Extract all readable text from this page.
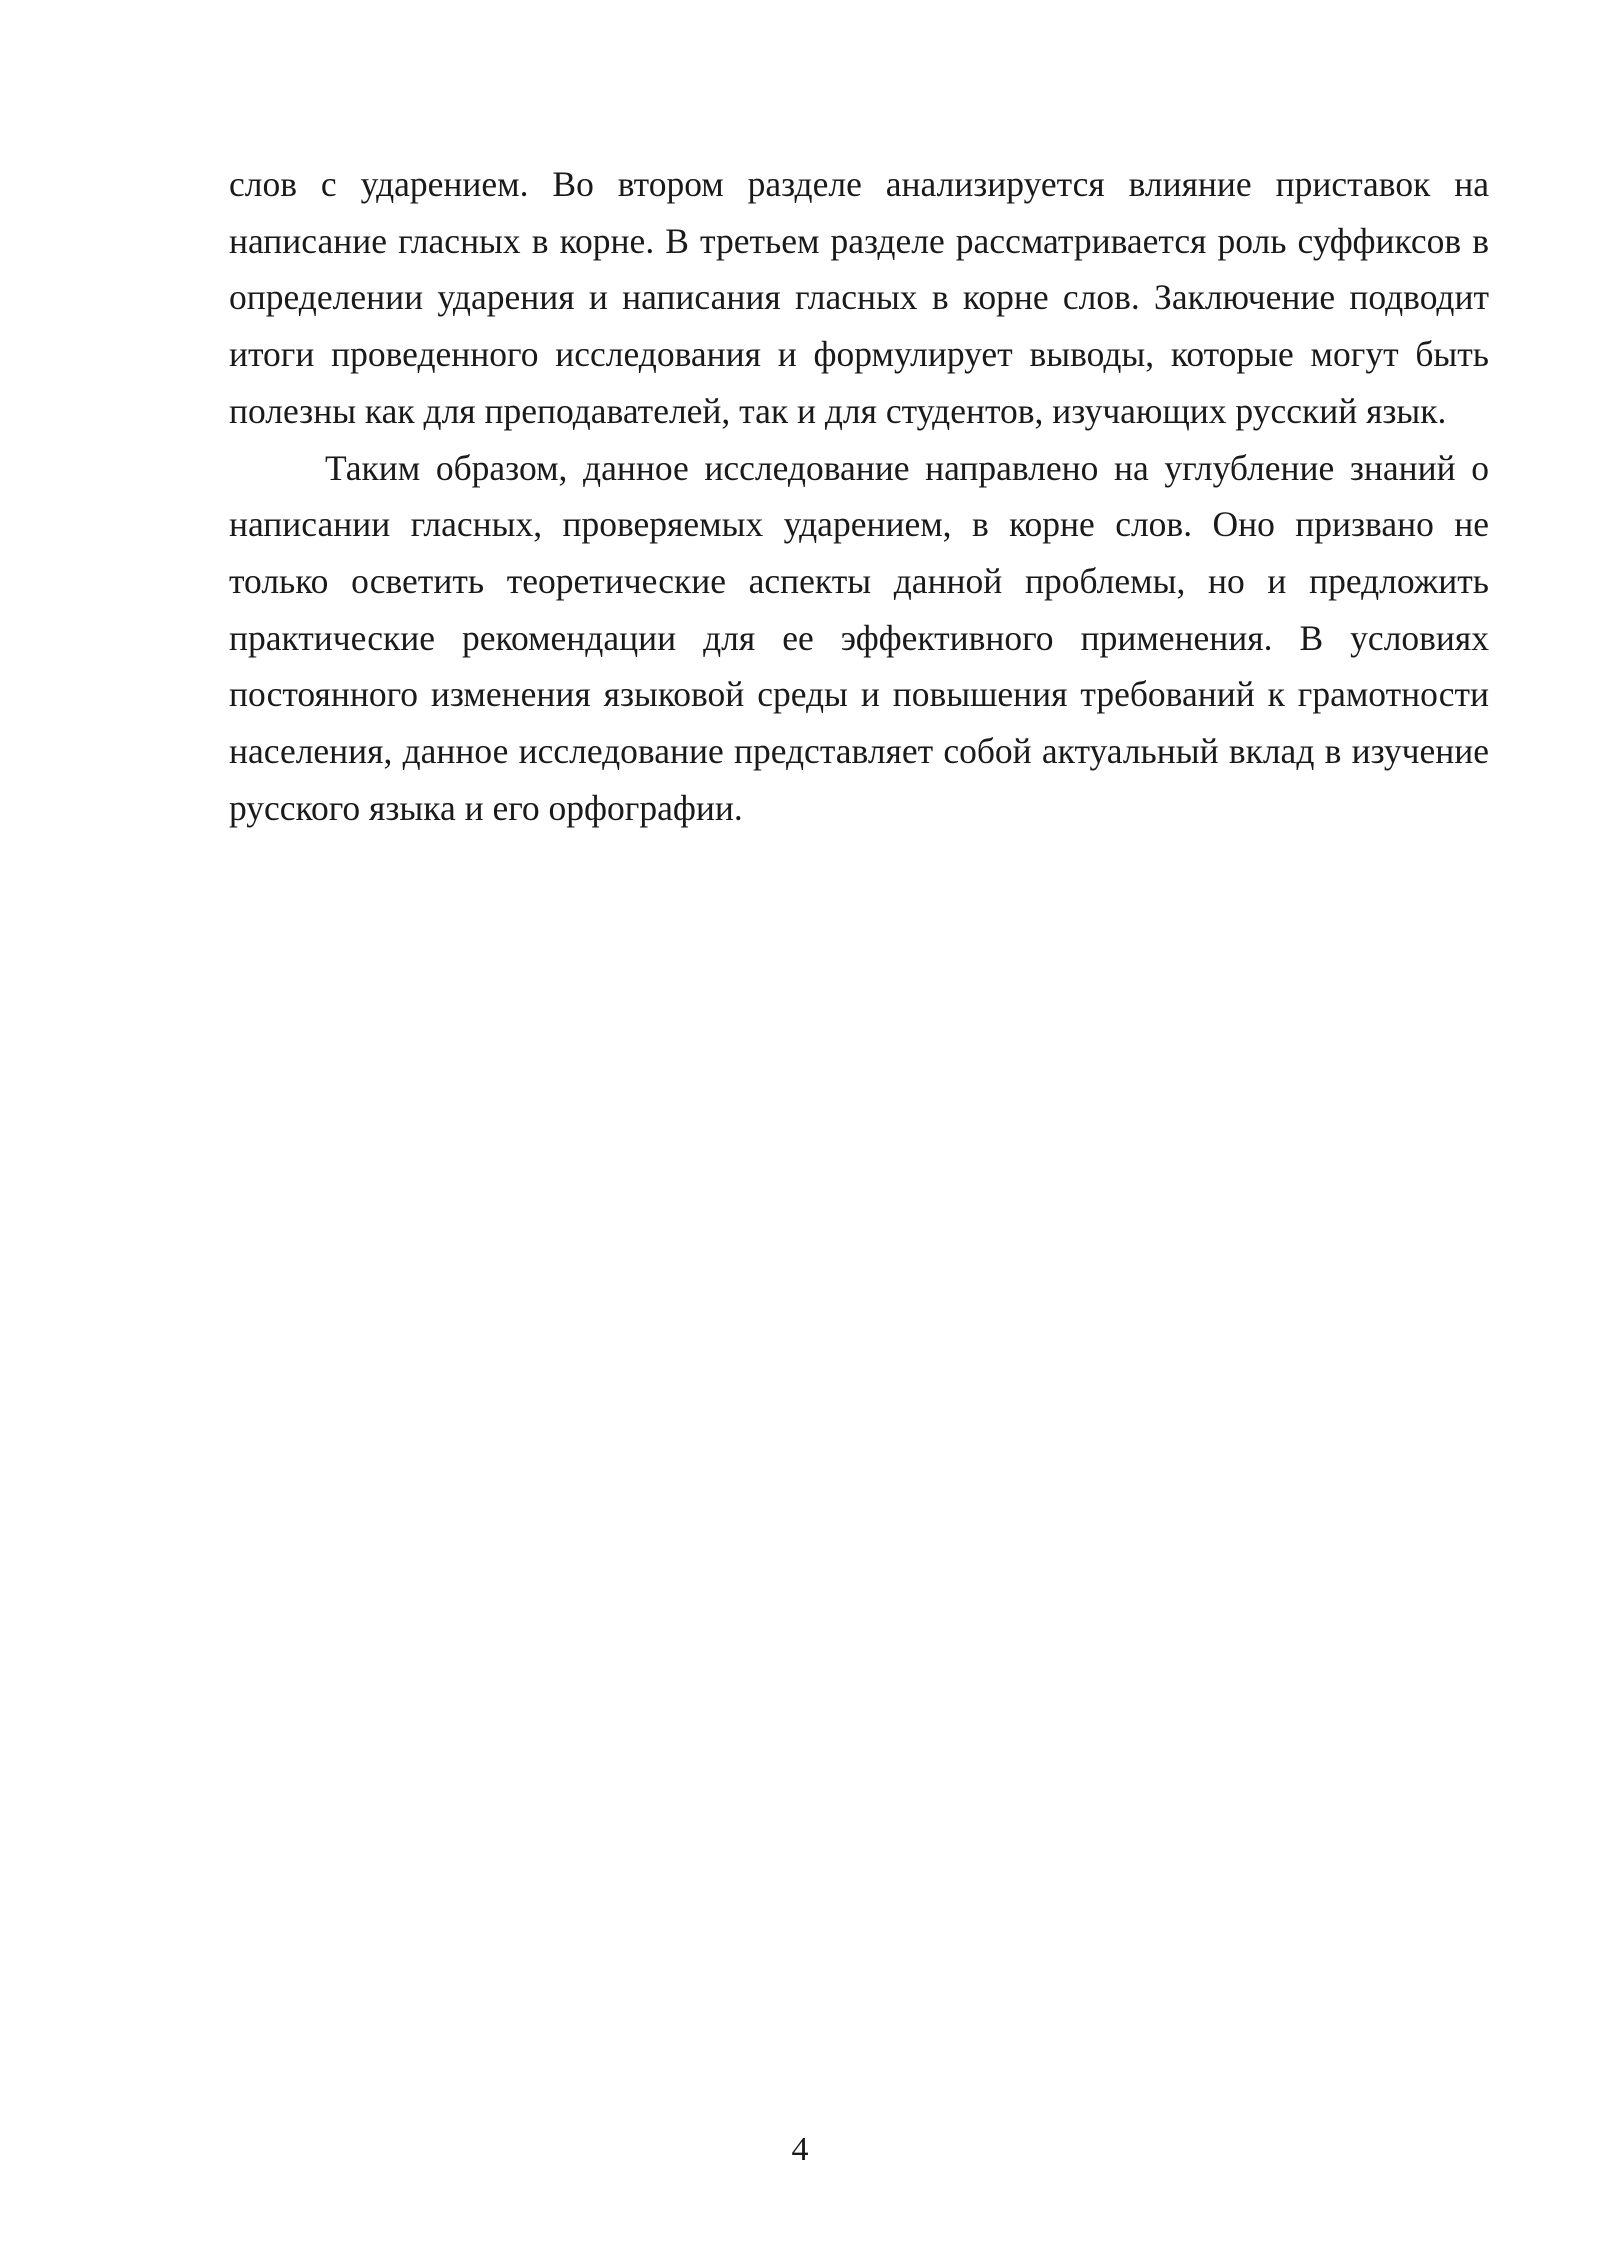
слов с ударением. Во втором разделе анализируется влияние приставок на написание гласных в корне. В третьем разделе рассматривается роль суффиксов в определении ударения и написания гласных в корне слов. Заключение подводит итоги проведенного исследования и формулирует выводы, которые могут быть полезны как для преподавателей, так и для студентов, изучающих русский язык.

Таким образом, данное исследование направлено на углубление знаний о написании гласных, проверяемых ударением, в корне слов. Оно призвано не только осветить теоретические аспекты данной проблемы, но и предложить практические рекомендации для ее эффективного применения. В условиях постоянного изменения языковой среды и повышения требований к грамотности населения, данное исследование представляет собой актуальный вклад в изучение русского языка и его орфографии.

4
